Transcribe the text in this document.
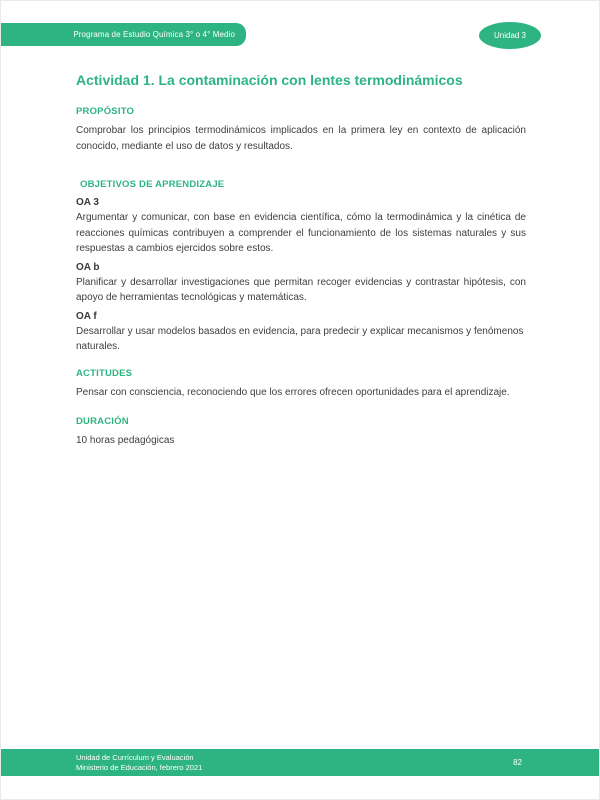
Programa de Estudio Química 3° o 4° Medio	Unidad 3
Actividad 1. La contaminación con lentes termodinámicos
PROPÓSITO

Comprobar los principios termodinámicos implicados en la primera ley en contexto de aplicación conocido, mediante el uso de datos y resultados.

OBJETIVOS DE APRENDIZAJE
OA 3

Argumentar y comunicar, con base en evidencia científica, cómo la termodinámica y la cinética de reacciones químicas contribuyen a comprender el funcionamiento de los sistemas naturales y sus respuestas a cambios ejercidos sobre estos.

OA b

Planificar y desarrollar investigaciones que permitan recoger evidencias y contrastar hipótesis, con apoyo de herramientas tecnológicas y matemáticas.

OA f

Desarrollar y usar modelos basados en evidencia, para predecir y explicar mecanismos y fenómenos naturales.

ACTITUDES

Pensar con consciencia, reconociendo que los errores ofrecen oportunidades para el aprendizaje.

DURACIÓN

10 horas pedagógicas

Unidad de Currículum y Evaluación
Ministerio de Educación, febrero 2021	82
